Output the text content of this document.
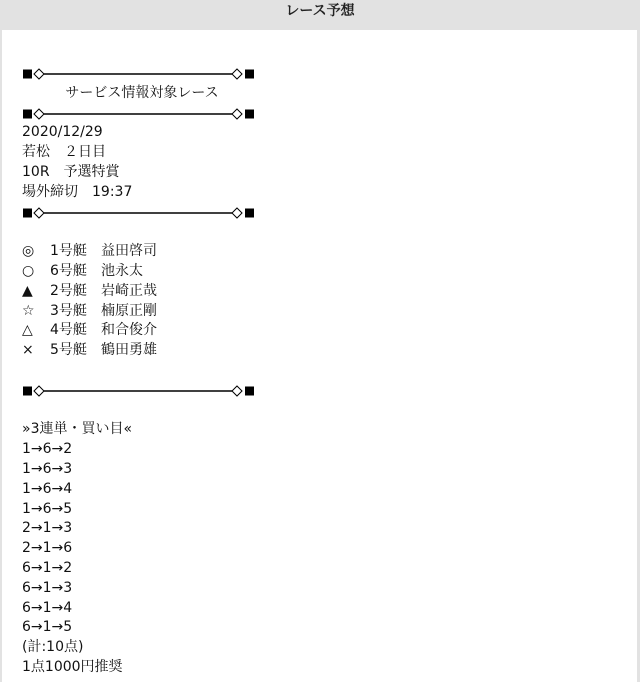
レース予想
サービス情報対象レース
2020/12/29
若松　２日目
10R　予選特賞
場外締切　19:37
◎ 1号艇 益田啓司
○ 6号艇 池永太
▲ 2号艇 岩崎正哉
☆ 3号艇 楠原正剛
△ 4号艇 和合俊介
× 5号艇 鶴田勇雄
»3連単・買い目«
1→6→2
1→6→3
1→6→4
1→6→5
2→1→3
2→1→6
6→1→2
6→1→3
6→1→4
6→1→5
(計:10点)
1点1000円推奨
